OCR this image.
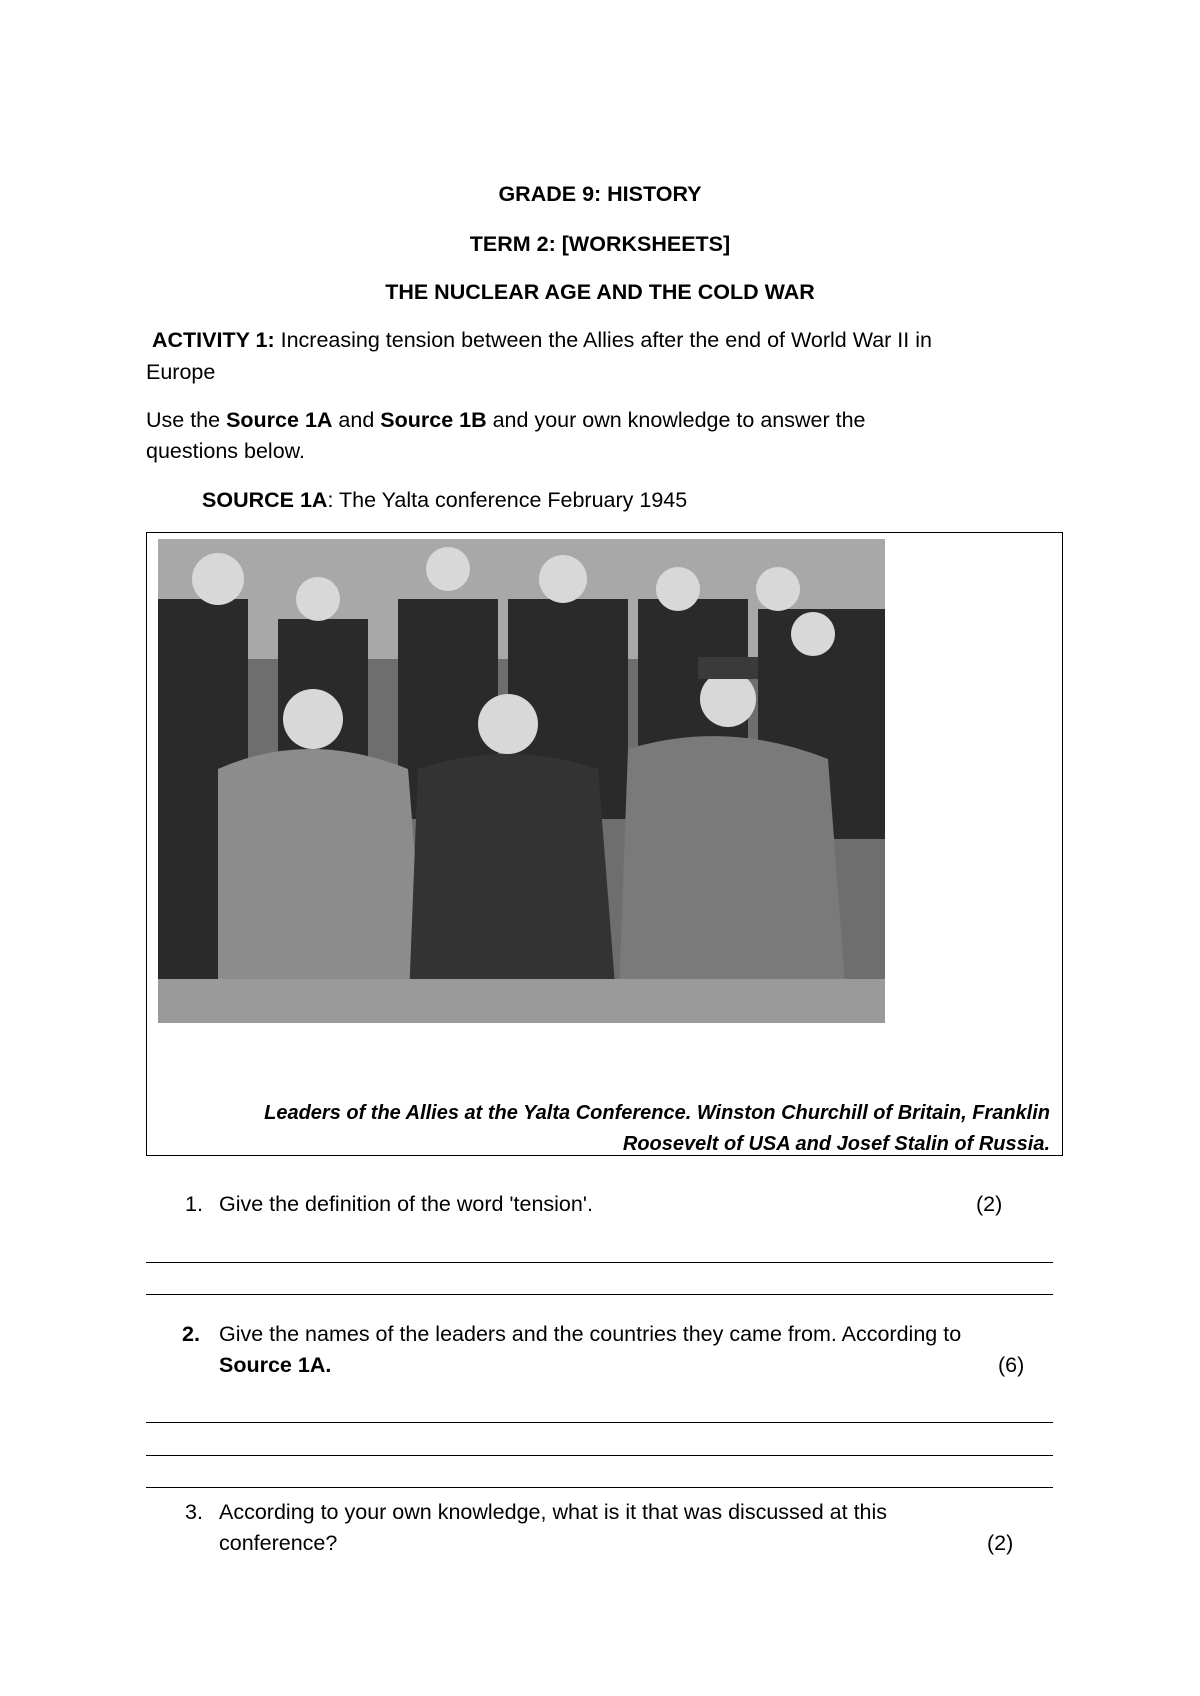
GRADE 9: HISTORY
TERM 2: [WORKSHEETS]
THE NUCLEAR AGE AND THE COLD WAR
ACTIVITY 1: Increasing tension between the Allies after the end of World War II in
Europe
Use the Source 1A and Source 1B and your own knowledge to answer the
questions below.
SOURCE 1A: The Yalta conference February 1945
Leaders of the Allies at the Yalta Conference. Winston Churchill of Britain, Franklin
Roosevelt of USA and Josef Stalin of Russia.
1. Give the definition of the word 'tension'.	(2)
2. Give the names of the leaders and the countries they came from. According to
Source 1A.	(6)
3. According to your own knowledge, what is it that was discussed at this
conference?	(2)
